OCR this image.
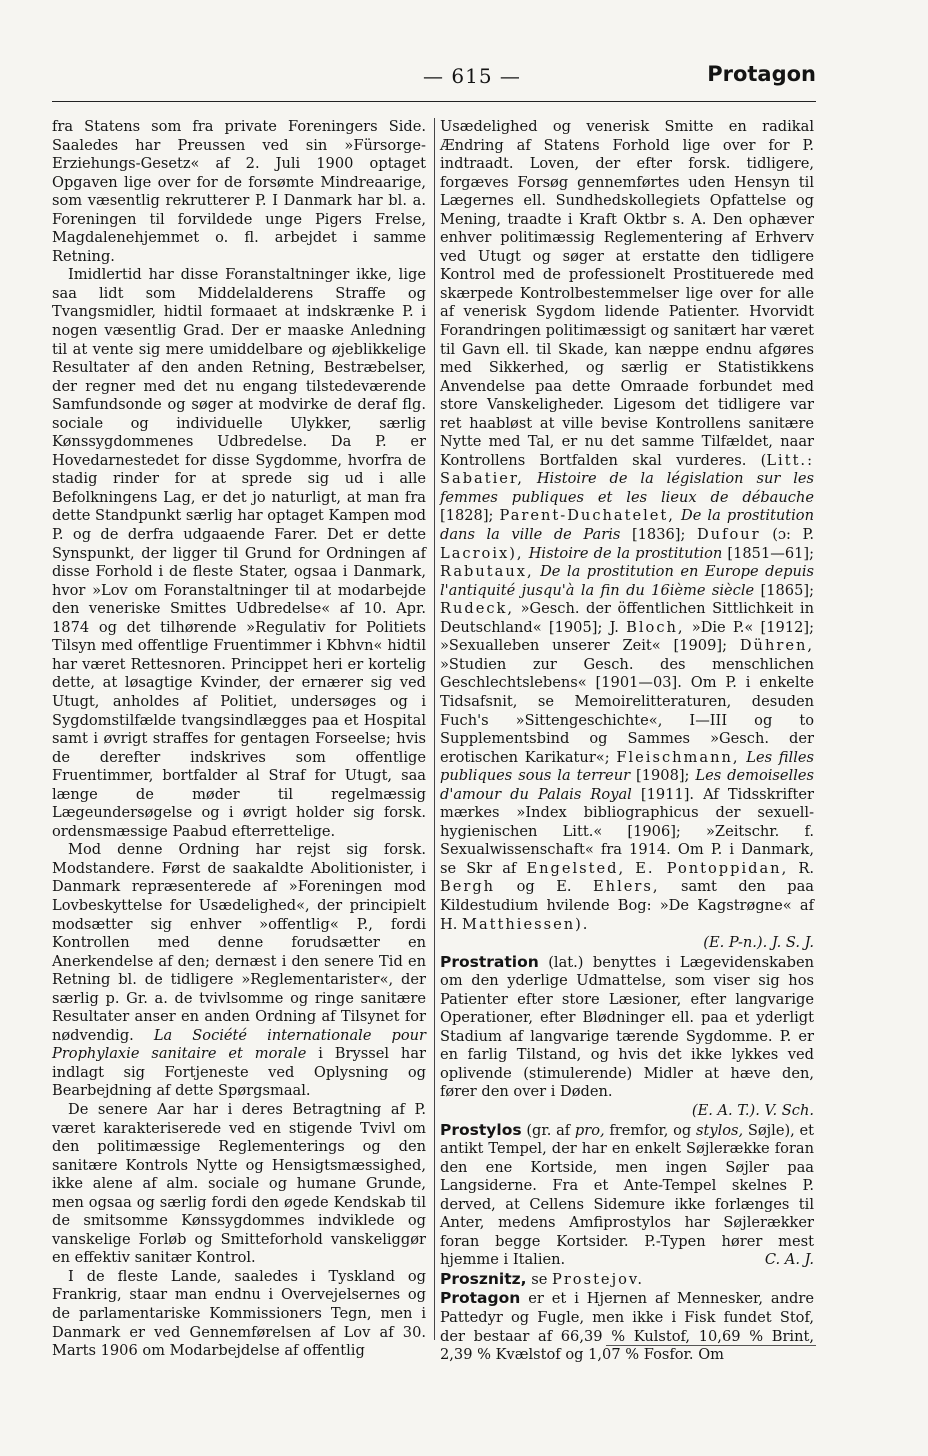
— 615 —	Protagon

fra Statens som fra private Foreningers Side. Saaledes har Preussen ved sin »Fürsorge-Erziehungs-Gesetz« af 2. Juli 1900 optaget Opgaven lige over for de forsømte Mindreaarige, som væsentlig rekrutterer P. I Danmark har bl. a. Foreningen til forvildede unge Pigers Frelse, Magdalenehjemmet o. fl. arbejdet i samme Retning.

Imidlertid har disse Foranstaltninger ikke, lige saa lidt som Middelalderens Straffe og Tvangsmidler, hidtil formaaet at indskrænke P. i nogen væsentlig Grad. Der er maaske Anledning til at vente sig mere umiddelbare og øjeblikkelige Resultater af den anden Retning, Bestræbelser, der regner med det nu engang tilstedeværende Samfundsonde og søger at modvirke de deraf flg. sociale og individuelle Ulykker, særlig Kønssygdommenes Udbredelse. Da P. er Hovedarnestedet for disse Sygdomme, hvorfra de stadig rinder for at sprede sig ud i alle Befolkningens Lag, er det jo naturligt, at man fra dette Standpunkt særlig har optaget Kampen mod P. og de derfra udgaaende Farer. Det er dette Synspunkt, der ligger til Grund for Ordningen af disse Forhold i de fleste Stater, ogsaa i Danmark, hvor »Lov om Foranstaltninger til at modarbejde den veneriske Smittes Udbredelse« af 10. Apr. 1874 og det tilhørende »Regulativ for Politiets Tilsyn med offentlige Fruentimmer i Kbhvn« hidtil har været Rettesnoren. Princippet heri er kortelig dette, at løsagtige Kvinder, der ernærer sig ved Utugt, anholdes af Politiet, undersøges og i Sygdomstilfælde tvangsindlægges paa et Hospital samt i øvrigt straffes for gentagen Forseelse; hvis de derefter indskrives som offentlige Fruentimmer, bortfalder al Straf for Utugt, saa længe de møder til regelmæssig Lægeundersøgelse og i øvrigt holder sig forsk. ordensmæssige Paabud efterrettelige.

Mod denne Ordning har rejst sig forsk. Modstandere. Først de saakaldte Abolitionister, i Danmark repræsenterede af »Foreningen mod Lovbeskyttelse for Usædelighed«, der principielt modsætter sig enhver »offentlig« P., fordi Kontrollen med denne forudsætter en Anerkendelse af den; dernæst i den senere Tid en Retning bl. de tidligere »Reglementarister«, der særlig p. Gr. a. de tvivlsomme og ringe sanitære Resultater anser en anden Ordning af Tilsynet for nødvendig. La Société internationale pour Prophylaxie sanitaire et morale i Bryssel har indlagt sig Fortjeneste ved Oplysning og Bearbejdning af dette Spørgsmaal.

De senere Aar har i deres Betragtning af P. været karakteriserede ved en stigende Tvivl om den politimæssige Reglementerings og den sanitære Kontrols Nytte og Hensigtsmæssighed, ikke alene af alm. sociale og humane Grunde, men ogsaa og særlig fordi den øgede Kendskab til de smitsomme Kønssygdommes indviklede og vanskelige Forløb og Smitteforhold vanskeliggør en effektiv sanitær Kontrol.

I de fleste Lande, saaledes i Tyskland og Frankrig, staar man endnu i Overvejelsernes og de parlamentariske Kommissioners Tegn, men i Danmark er ved Gennemførelsen af Lov af 30. Marts 1906 om Modarbejdelse af offentlig

Usædelighed og venerisk Smitte en radikal Ændring af Statens Forhold lige over for P. indtraadt. Loven, der efter forsk. tidligere, forgæves Forsøg gennemførtes uden Hensyn til Lægernes ell. Sundhedskollegiets Opfattelse og Mening, traadte i Kraft Oktbr s. A. Den ophæver enhver politimæssig Reglementering af Erhverv ved Utugt og søger at erstatte den tidligere Kontrol med de professionelt Prostituerede med skærpede Kontrolbestemmelser lige over for alle af venerisk Sygdom lidende Patienter. Hvorvidt Forandringen politimæssigt og sanitært har været til Gavn ell. til Skade, kan næppe endnu afgøres med Sikkerhed, og særlig er Statistikkens Anvendelse paa dette Omraade forbundet med store Vanskeligheder. Ligesom det tidligere var ret haabløst at ville bevise Kontrollens sanitære Nytte med Tal, er nu det samme Tilfældet, naar Kontrollens Bortfalden skal vurderes. (Litt.: Sabatier, Histoire de la législation sur les femmes publiques et les lieux de débauche [1828]; Parent-Duchatelet, De la prostitution dans la ville de Paris [1836]; Dufour (ɔ: P. Lacroix), Histoire de la prostitution [1851—61]; Rabutaux, De la prostitution en Europe depuis l'antiquité jusqu'à la fin du 16ième siècle [1865]; Rudeck, »Gesch. der öffentlichen Sittlichkeit in Deutschland« [1905]; J. Bloch, »Die P.« [1912]; »Sexualleben unserer Zeit« [1909]; Dühren, »Studien zur Gesch. des menschlichen Geschlechtslebens« [1901—03]. Om P. i enkelte Tidsafsnit, se Memoirelitteraturen, desuden Fuch's »Sittengeschichte«, I—III og to Supplementsbind og Sammes »Gesch. der erotischen Karikatur«; Fleischmann, Les filles publiques sous la terreur [1908]; Les demoiselles d'amour du Palais Royal [1911]. Af Tidsskrifter mærkes »Index bibliographicus der sexuell-hygienischen Litt.« [1906]; »Zeitschr. f. Sexualwissenschaft« fra 1914. Om P. i Danmark, se Skr af Engelsted, E. Pontoppidan, R. Bergh og E. Ehlers, samt den paa Kildestudium hvilende Bog: »De Kagstrøgne« af H. Matthiessen).

(E. P-n.). J. S. J.

Prostration (lat.) benyttes i Lægevidenskaben om den yderlige Udmattelse, som viser sig hos Patienter efter store Læsioner, efter langvarige Operationer, efter Blødninger ell. paa et yderligt Stadium af langvarige tærende Sygdomme. P. er en farlig Tilstand, og hvis det ikke lykkes ved oplivende (stimulerende) Midler at hæve den, fører den over i Døden.

(E. A. T.). V. Sch.

Prostylos (gr. af pro, fremfor, og stylos, Søjle), et antikt Tempel, der har en enkelt Søjlerække foran den ene Kortside, men ingen Søjler paa Langsiderne. Fra et Ante-Tempel skelnes P. derved, at Cellens Sidemure ikke forlænges til Anter, medens Amfiprostylos har Søjlerækker foran begge Kortsider. P.-Typen hører mest hjemme i Italien.	C. A. J.

Prosznitz, se Prostejov.

Protagon er et i Hjernen af Mennesker, andre Pattedyr og Fugle, men ikke i Fisk fundet Stof, der bestaar af 66,39 % Kulstof, 10,69 % Brint, 2,39 % Kvælstof og 1,07 % Fosfor. Om
